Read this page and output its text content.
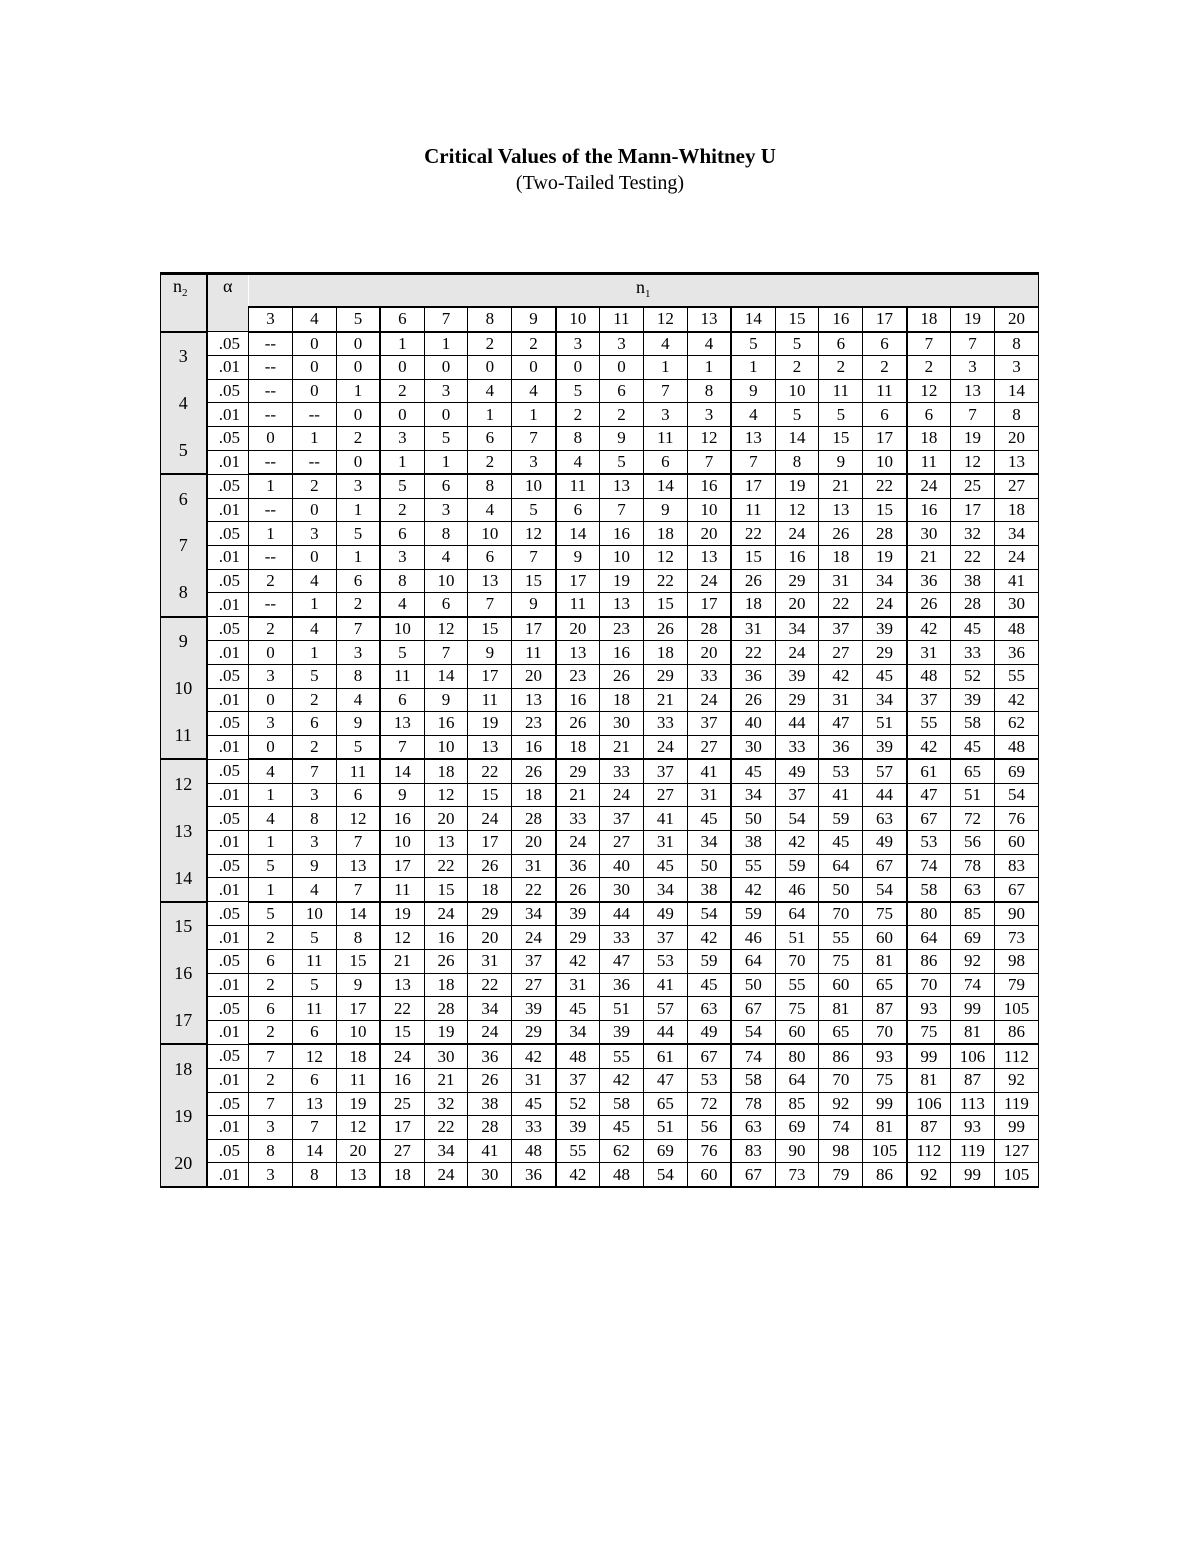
Critical Values of the Mann-Whitney U
(Two-Tailed Testing)
$n_2$	α	$n_1$
		3	4	5	6	7	8	9	10	11	12	13	14	15	16	17	18	19	20
3	.05	--	0	0	1	1	2	2	3	3	4	4	5	5	6	6	7	7	8
	.01	--	0	0	0	0	0	0	0	0	1	1	1	2	2	2	2	3	3
4	.05	--	0	1	2	3	4	4	5	6	7	8	9	10	11	11	12	13	14
	.01	--	--	0	0	0	1	1	2	2	3	3	4	5	5	6	6	7	8
5	.05	0	1	2	3	5	6	7	8	9	11	12	13	14	15	17	18	19	20
	.01	--	--	0	1	1	2	3	4	5	6	7	7	8	9	10	11	12	13
6	.05	1	2	3	5	6	8	10	11	13	14	16	17	19	21	22	24	25	27
	.01	--	0	1	2	3	4	5	6	7	9	10	11	12	13	15	16	17	18
7	.05	1	3	5	6	8	10	12	14	16	18	20	22	24	26	28	30	32	34
	.01	--	0	1	3	4	6	7	9	10	12	13	15	16	18	19	21	22	24
8	.05	2	4	6	8	10	13	15	17	19	22	24	26	29	31	34	36	38	41
	.01	--	1	2	4	6	7	9	11	13	15	17	18	20	22	24	26	28	30
9	.05	2	4	7	10	12	15	17	20	23	26	28	31	34	37	39	42	45	48
	.01	0	1	3	5	7	9	11	13	16	18	20	22	24	27	29	31	33	36
10	.05	3	5	8	11	14	17	20	23	26	29	33	36	39	42	45	48	52	55
	.01	0	2	4	6	9	11	13	16	18	21	24	26	29	31	34	37	39	42
11	.05	3	6	9	13	16	19	23	26	30	33	37	40	44	47	51	55	58	62
	.01	0	2	5	7	10	13	16	18	21	24	27	30	33	36	39	42	45	48
12	.05	4	7	11	14	18	22	26	29	33	37	41	45	49	53	57	61	65	69
	.01	1	3	6	9	12	15	18	21	24	27	31	34	37	41	44	47	51	54
13	.05	4	8	12	16	20	24	28	33	37	41	45	50	54	59	63	67	72	76
	.01	1	3	7	10	13	17	20	24	27	31	34	38	42	45	49	53	56	60
14	.05	5	9	13	17	22	26	31	36	40	45	50	55	59	64	67	74	78	83
	.01	1	4	7	11	15	18	22	26	30	34	38	42	46	50	54	58	63	67
15	.05	5	10	14	19	24	29	34	39	44	49	54	59	64	70	75	80	85	90
	.01	2	5	8	12	16	20	24	29	33	37	42	46	51	55	60	64	69	73
16	.05	6	11	15	21	26	31	37	42	47	53	59	64	70	75	81	86	92	98
	.01	2	5	9	13	18	22	27	31	36	41	45	50	55	60	65	70	74	79
17	.05	6	11	17	22	28	34	39	45	51	57	63	67	75	81	87	93	99	105
	.01	2	6	10	15	19	24	29	34	39	44	49	54	60	65	70	75	81	86
18	.05	7	12	18	24	30	36	42	48	55	61	67	74	80	86	93	99	106	112
	.01	2	6	11	16	21	26	31	37	42	47	53	58	64	70	75	81	87	92
19	.05	7	13	19	25	32	38	45	52	58	65	72	78	85	92	99	106	113	119
	.01	3	7	12	17	22	28	33	39	45	51	56	63	69	74	81	87	93	99
20	.05	8	14	20	27	34	41	48	55	62	69	76	83	90	98	105	112	119	127
	.01	3	8	13	18	24	30	36	42	48	54	60	67	73	79	86	92	99	105
